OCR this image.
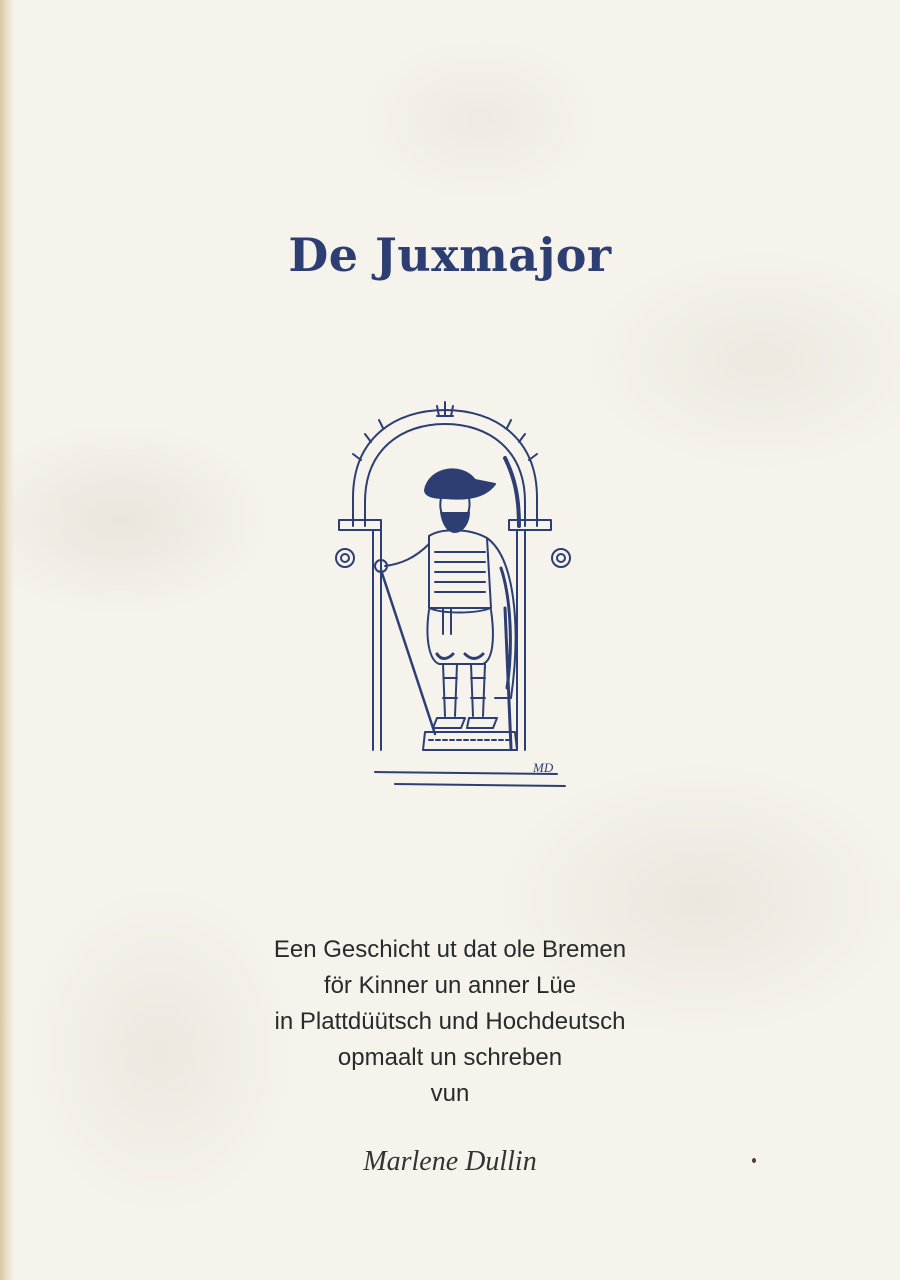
De Juxmajor
MD
Een Geschicht ut dat ole Bremen
för Kinner un anner Lüe
in Plattdüütsch und Hochdeutsch
opmaalt un schreben
vun
Marlene Dullin
